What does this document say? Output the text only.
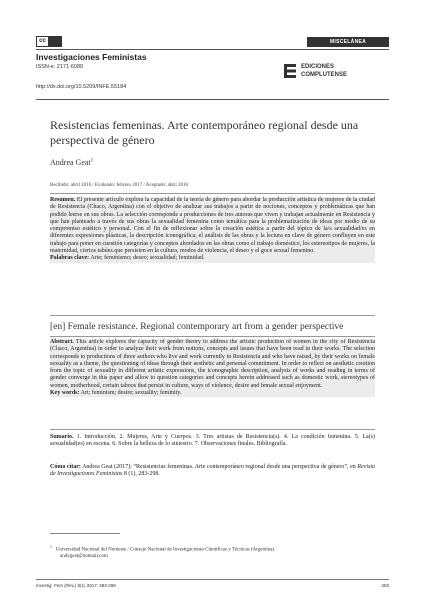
cc	MISCELÁNEA
Investigaciones Feministas
ISSN-e: 2171-6080
http://dx.doi.org/10.5209/INFE.55184
EDICIONES
COMPLUTENSE
Resistencias femeninas. Arte contemporáneo regional desde una perspectiva de género
Andrea Geat$^1$
Recibido: abril 2016 / Evaluado: febrero 2017 / Aceptado: abril 2016
Resumen. El presente artículo explora la capacidad de la teoría de género para abordar la producción artística de mujeres de la ciudad de Resistencia (Chaco, Argentina) con el objetivo de analizar sus trabajos a partir de nociones, conceptos y problemáticas que han podido leerse en sus obras. La selección corresponde a producciones de tres autoras que viven y trabajan actualmente en Resistencia y que han planteado a través de sus obras la sexualidad femenina como temática para la problematización de ideas por medio de su compromiso estético y personal. Con el fin de reflexionar sobre la creación estética a partir del tópico de la/s sexualidad/es en diferentes expresiones plásticas, la descripción iconográfica, el análisis de las obras y la lectura en clave de género confluyen en este trabajo para poner en cuestión categorías y conceptos abordados en las obras como el trabajo doméstico, los estereotipos de mujeres, la maternidad, ciertos tabúes que persisten en la cultura, modos de violencia, el deseo y el goce sexual femenino.
Palabras clave: Arte; feminismo; deseo; sexualidad; feminidad.
[en] Female resistance. Regional contemporary art from a gender perspective
Abstract. This article explores the capacity of gender theory to address the artistic production of women in the city of Resistencia (Chaco, Argentina) in order to analyze their work from notions, concepts and issues that have been read in their works. The selection corresponds to productions of three authors who live and work currently in Resistencia and who have raised, by their works on female sexuality as a theme, the questioning of ideas through their aesthetic and personal commitment. In order to reflect on aesthetic creation from the topic of sexuality in different artistic expressions, the iconographic description, analysis of works and reading in terms of gender converge in this paper and allow to question categories and concepts herein addressed such as domestic work, stereotypes of women, motherhood, certain taboos that persist in culture, ways of violence, desire and female sexual enjoyment.
Key words: Art; feminism; desire; sexuality; feminity.
Sumario. 1. Introducción. 2. Mujeres, Arte y Cuerpos. 3. Tres artistas de Resistencia(s). 4. La condición femenina. 5. La(s) sexualidad(es) en escena. 6. Sobre la belleza de lo siniestro. 7. Observaciones finales. Bibliografía.
Cómo citar: Andrea Geat (2017): “Resistencias femeninas. Arte contemporáneo regional desde una perspectiva de género”, en Revista de Investigaciones Feministas 8 (1), 283-298.
$^1$   Universidad Nacional del Nordeste / Consejo Nacional de Investigaciones Científicas y Técnicas (Argentina).
andygeat@hotmail.com
Investig. Fem (Rev.) 8(1) 2017: 283-298	283
